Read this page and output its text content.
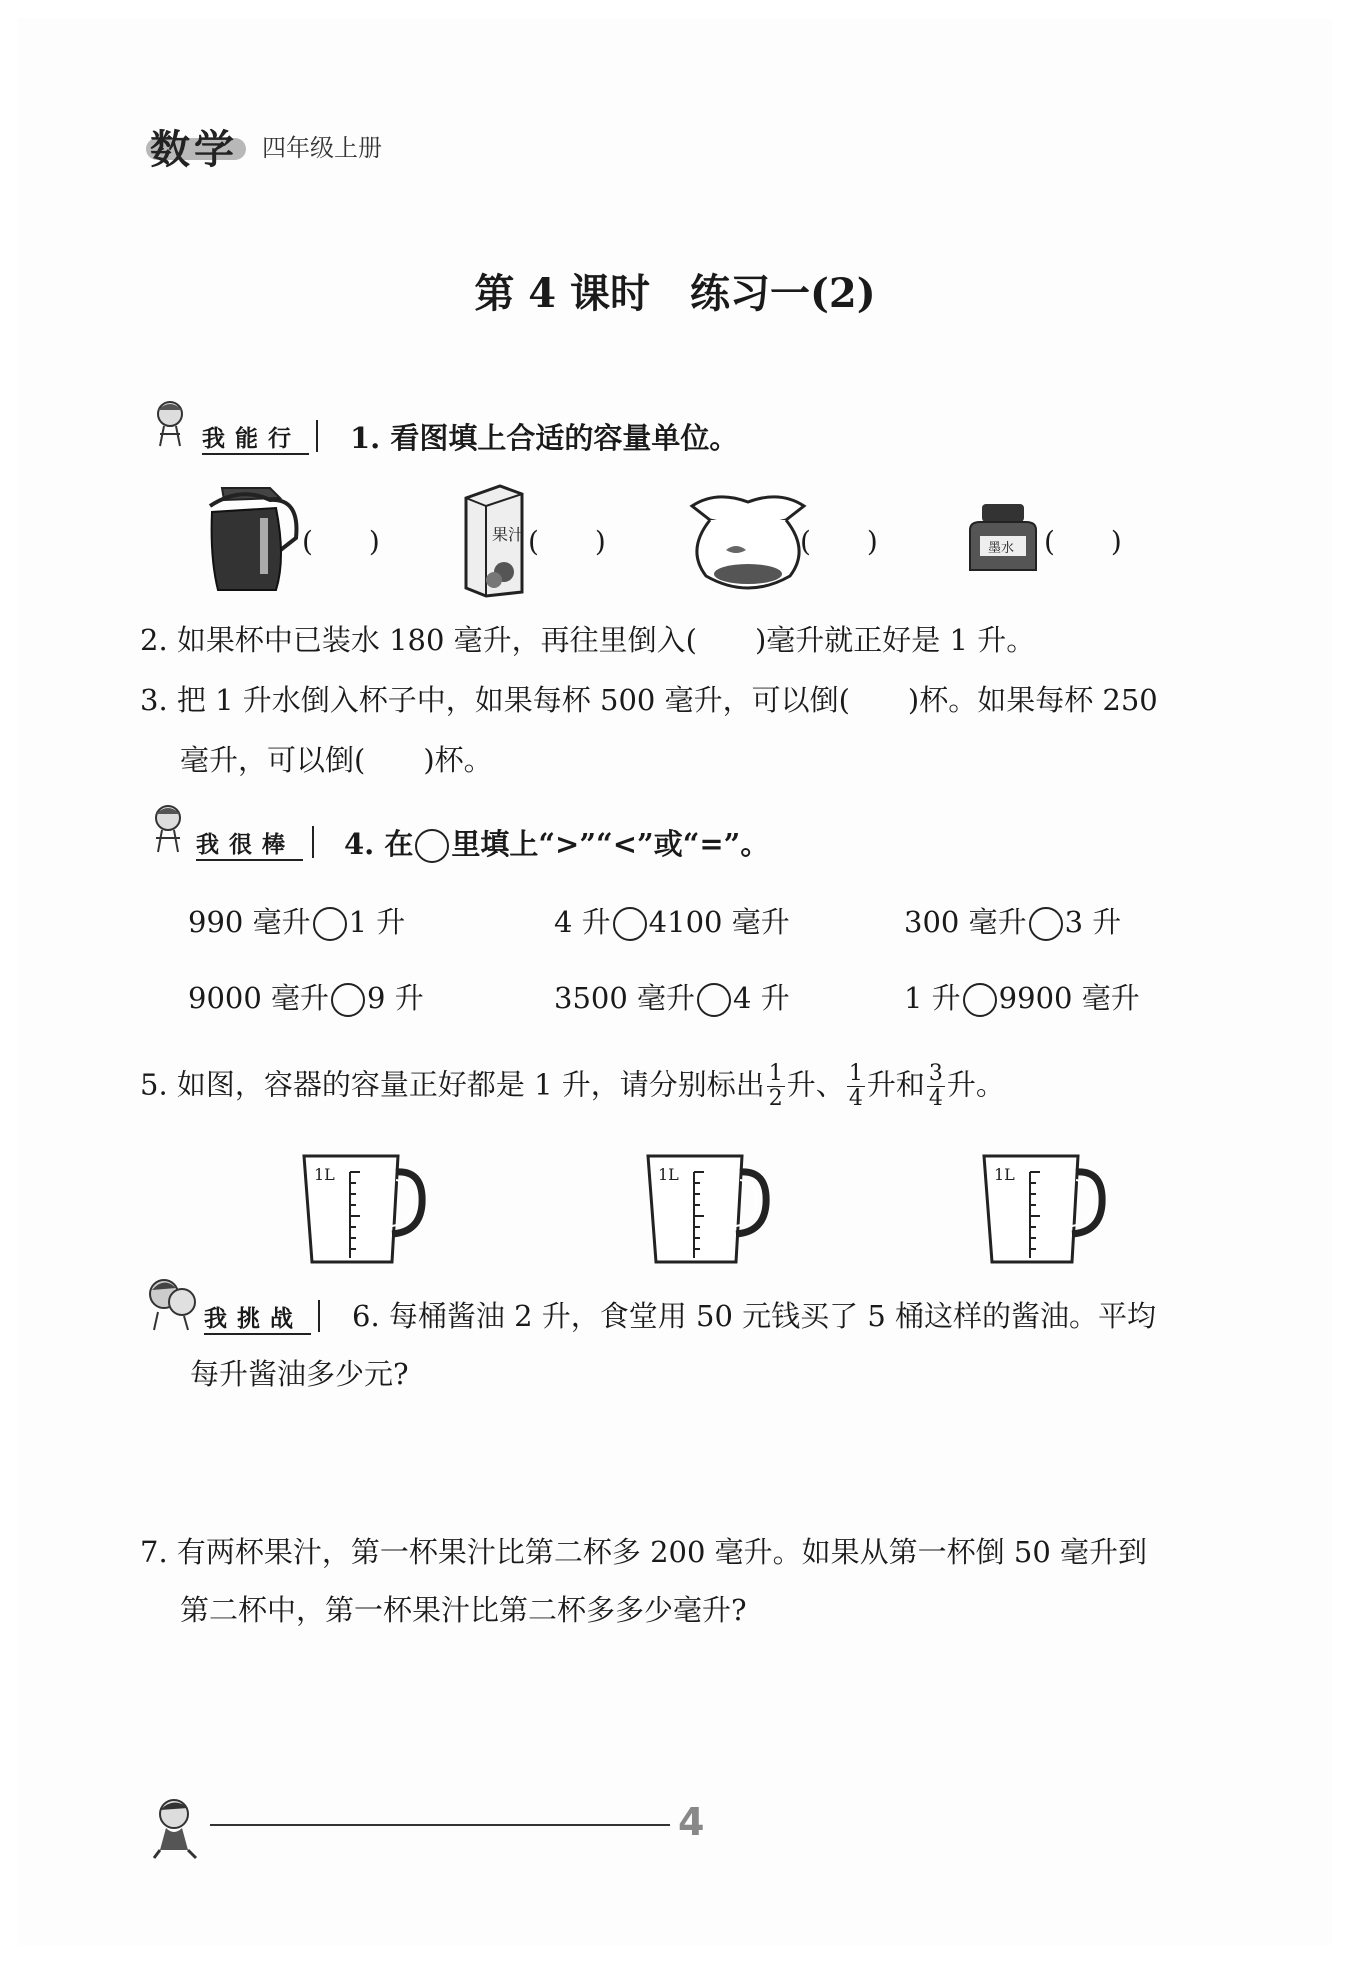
数学 四年级上册
第 4 课时　练习一(2)
我能行 1. 看图填上合适的容量单位。
(　　)	果汁 (　　)	(　　)	墨水 (　　)
2. 如果杯中已装水 180 毫升，再往里倒入(　　)毫升就正好是 1 升。
3. 把 1 升水倒入杯子中，如果每杯 500 毫升，可以倒(　　)杯。如果每杯 250
毫升，可以倒(　　)杯。
我很棒 4. 在 里填上“>”“<”或“=”。
990 毫升 1 升	4 升 4100 毫升	300 毫升 3 升
9000 毫升 9 升	3500 毫升 4 升	1 升 9900 毫升
5. 如图，容器的容量正好都是 1 升，请分别标出 $\frac{1}{2}$ 升、 $\frac{1}{4}$ 升和 $\frac{3}{4}$ 升。
1L	1L	1L
我挑战 6. 每桶酱油 2 升，食堂用 50 元钱买了 5 桶这样的酱油。平均
每升酱油多少元?
7. 有两杯果汁，第一杯果汁比第二杯多 200 毫升。如果从第一杯倒 50 毫升到
第二杯中，第一杯果汁比第二杯多多少毫升?
4
